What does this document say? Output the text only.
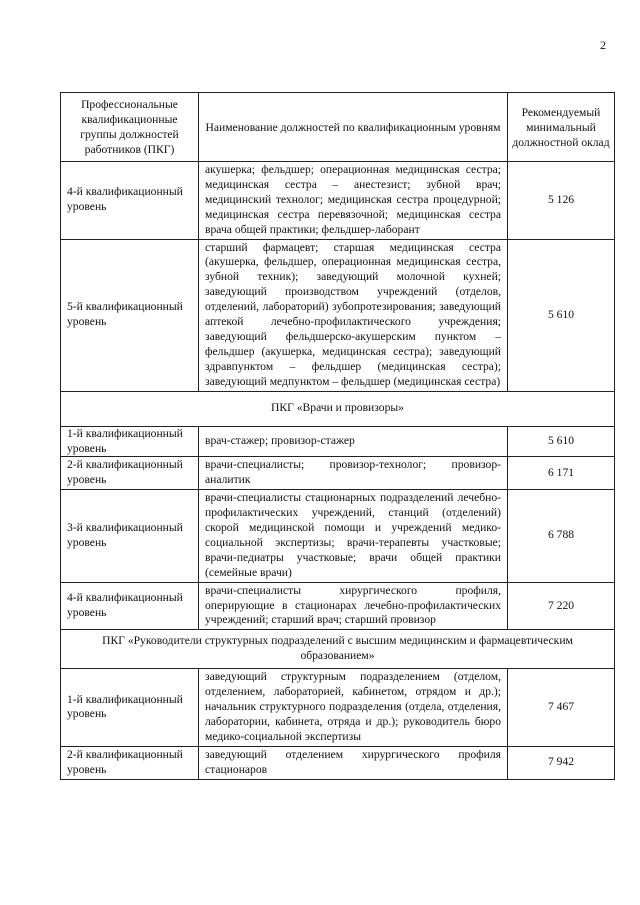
2
Профессиональные квалификационные группы должностей работников (ПКГ)	Наименование должностей по квалификационным уровням	Рекомендуемый минимальный должностной оклад
4-й квалификационный уровень	акушерка; фельдшер; операционная медицинская сестра; медицинская сестра – анестезист; зубной врач; медицинский технолог; медицинская сестра процедурной; медицинская сестра перевязочной; медицинская сестра врача общей практики; фельдшер-лаборант	5 126
5-й квалификационный уровень	старший фармацевт; старшая медицинская сестра (акушерка, фельдшер, операционная медицинская сестра, зубной техник); заведующий молочной кухней; заведующий производством учреждений (отделов, отделений, лабораторий) зубопротезирования; заведующий аптекой лечебно-профилактического учреждения; заведующий фельдшерско-акушерским пунктом – фельдшер (акушерка, медицинская сестра); заведующий здравпунктом – фельдшер (медицинская сестра); заведующий медпунктом – фельдшер (медицинская сестра)	5 610
ПКГ «Врачи и провизоры»		
1-й квалификационный уровень	врач-стажер; провизор-стажер	5 610
2-й квалификационный уровень	врачи-специалисты; провизор-технолог; провизор-аналитик	6 171
3-й квалификационный уровень	врачи-специалисты стационарных подразделений лечебно-профилактических учреждений, станций (отделений) скорой медицинской помощи и учреждений медико-социальной экспертизы; врачи-терапевты участковые; врачи-педиатры участковые; врачи общей практики (семейные врачи)	6 788
4-й квалификационный уровень	врачи-специалисты хирургического профиля, оперирующие в стационарах лечебно-профилактических учреждений; старший врач; старший провизор	7 220
ПКГ «Руководители структурных подразделений с высшим медицинским и фармацевтическим образованием»		
1-й квалификационный уровень	заведующий структурным подразделением (отделом, отделением, лабораторией, кабинетом, отрядом и др.); начальник структурного подразделения (отдела, отделения, лаборатории, кабинета, отряда и др.); руководитель бюро медико-социальной экспертизы	7 467
2-й квалификационный уровень	заведующий отделением хирургического профиля стационаров	7 942
